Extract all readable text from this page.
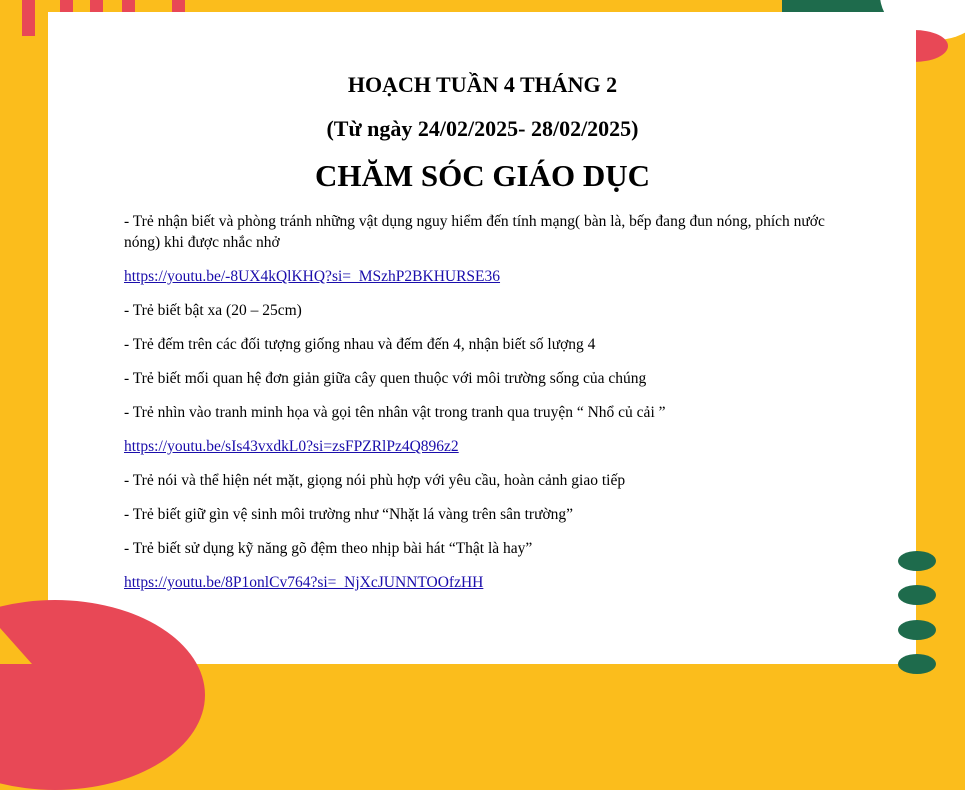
HOẠCH TUẦN 4 THÁNG 2
(Từ ngày 24/02/2025- 28/02/2025)
CHĂM SÓC GIÁO DỤC

- Trẻ nhận biết và phòng tránh những vật dụng nguy hiểm đến tính mạng( bàn là, bếp đang đun nóng, phích nước nóng) khi được nhắc nhở

https://youtu.be/-8UX4kQlKHQ?si=_MSzhP2BKHURSE36

- Trẻ biết bật xa (20 – 25cm)

- Trẻ đếm trên các đối tượng giống nhau và đếm đến 4, nhận biết số lượng 4

- Trẻ biết mối quan hệ đơn giản giữa cây quen thuộc với môi trường sống của chúng

- Trẻ nhìn vào tranh minh họa và gọi tên nhân vật trong tranh qua truyện “ Nhổ củ cải ”

https://youtu.be/sIs43vxdkL0?si=zsFPZRlPz4Q896z2

- Trẻ nói và thể hiện nét mặt, giọng nói phù hợp với yêu cầu, hoàn cảnh giao tiếp

- Trẻ biết giữ gìn vệ sinh môi trường như “Nhặt lá vàng trên sân trường”

- Trẻ biết sử dụng kỹ năng gõ đệm theo nhịp bài hát “Thật là hay”

https://youtu.be/8P1onlCv764?si=_NjXcJUNNTOOfzHH
